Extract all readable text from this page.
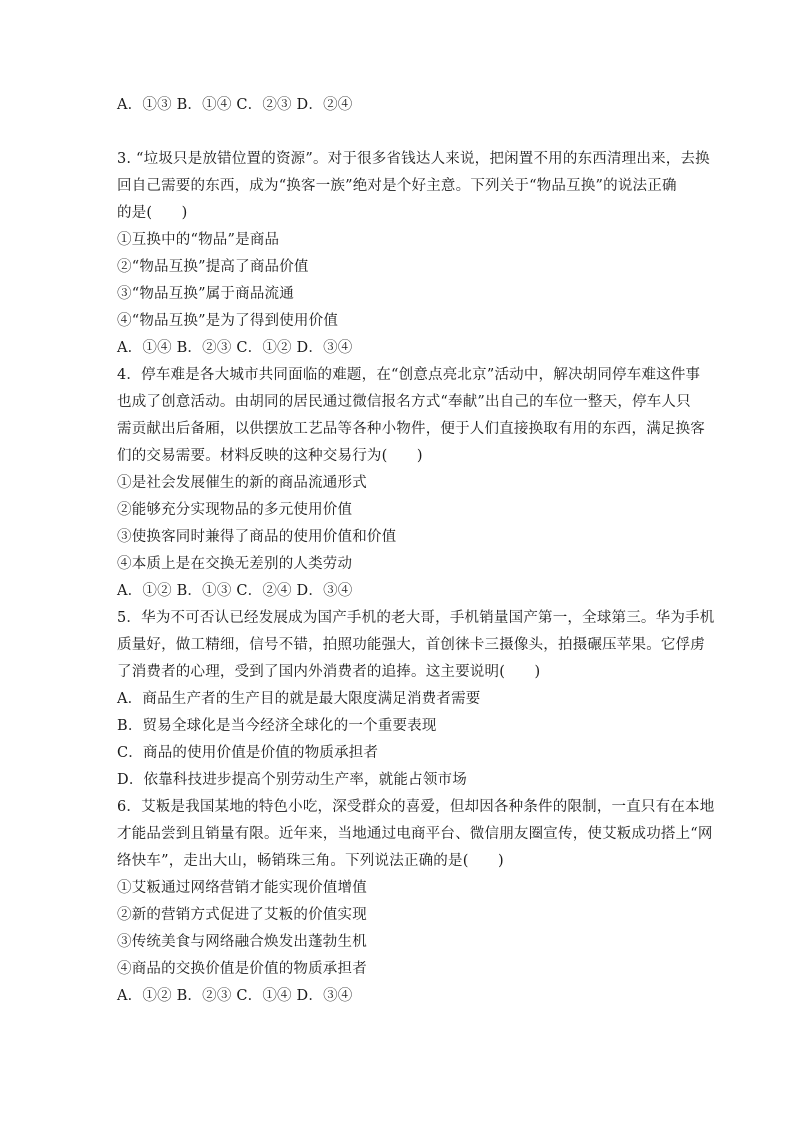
A．①③ B．①④ C．②③ D．②④
3. “垃圾只是放错位置的资源”。对于很多省钱达人来说，把闲置不用的东西清理出来，去换
回自己需要的东西，成为“换客一族”绝对是个好主意。下列关于“物品互换”的说法正确
的是(　　)
①互换中的“物品”是商品
②“物品互换”提高了商品价值
③“物品互换”属于商品流通
④“物品互换”是为了得到使用价值
A．①④ B．②③ C．①② D．③④
4．停车难是各大城市共同面临的难题，在“创意点亮北京”活动中，解决胡同停车难这件事
也成了创意活动。由胡同的居民通过微信报名方式“奉献”出自己的车位一整天，停车人只
需贡献出后备厢，以供摆放工艺品等各种小物件，便于人们直接换取有用的东西，满足换客
们的交易需要。材料反映的这种交易行为(　　)
①是社会发展催生的新的商品流通形式
②能够充分实现物品的多元使用价值
③使换客同时兼得了商品的使用价值和价值
④本质上是在交换无差别的人类劳动
A．①② B．①③ C．②④ D．③④
5．华为不可否认已经发展成为国产手机的老大哥，手机销量国产第一，全球第三。华为手机
质量好，做工精细，信号不错，拍照功能强大，首创徕卡三摄像头，拍摄碾压苹果。它俘虏
了消费者的心理，受到了国内外消费者的追捧。这主要说明(　　)
A．商品生产者的生产目的就是最大限度满足消费者需要
B．贸易全球化是当今经济全球化的一个重要表现
C．商品的使用价值是价值的物质承担者
D．依靠科技进步提高个别劳动生产率，就能占领市场
6．艾粄是我国某地的特色小吃，深受群众的喜爱，但却因各种条件的限制，一直只有在本地
才能品尝到且销量有限。近年来，当地通过电商平台、微信朋友圈宣传，使艾粄成功搭上“网
络快车”，走出大山，畅销珠三角。下列说法正确的是(　　)
①艾粄通过网络营销才能实现价值增值
②新的营销方式促进了艾粄的价值实现
③传统美食与网络融合焕发出蓬勃生机
④商品的交换价值是价值的物质承担者
A．①② B．②③ C．①④ D．③④
